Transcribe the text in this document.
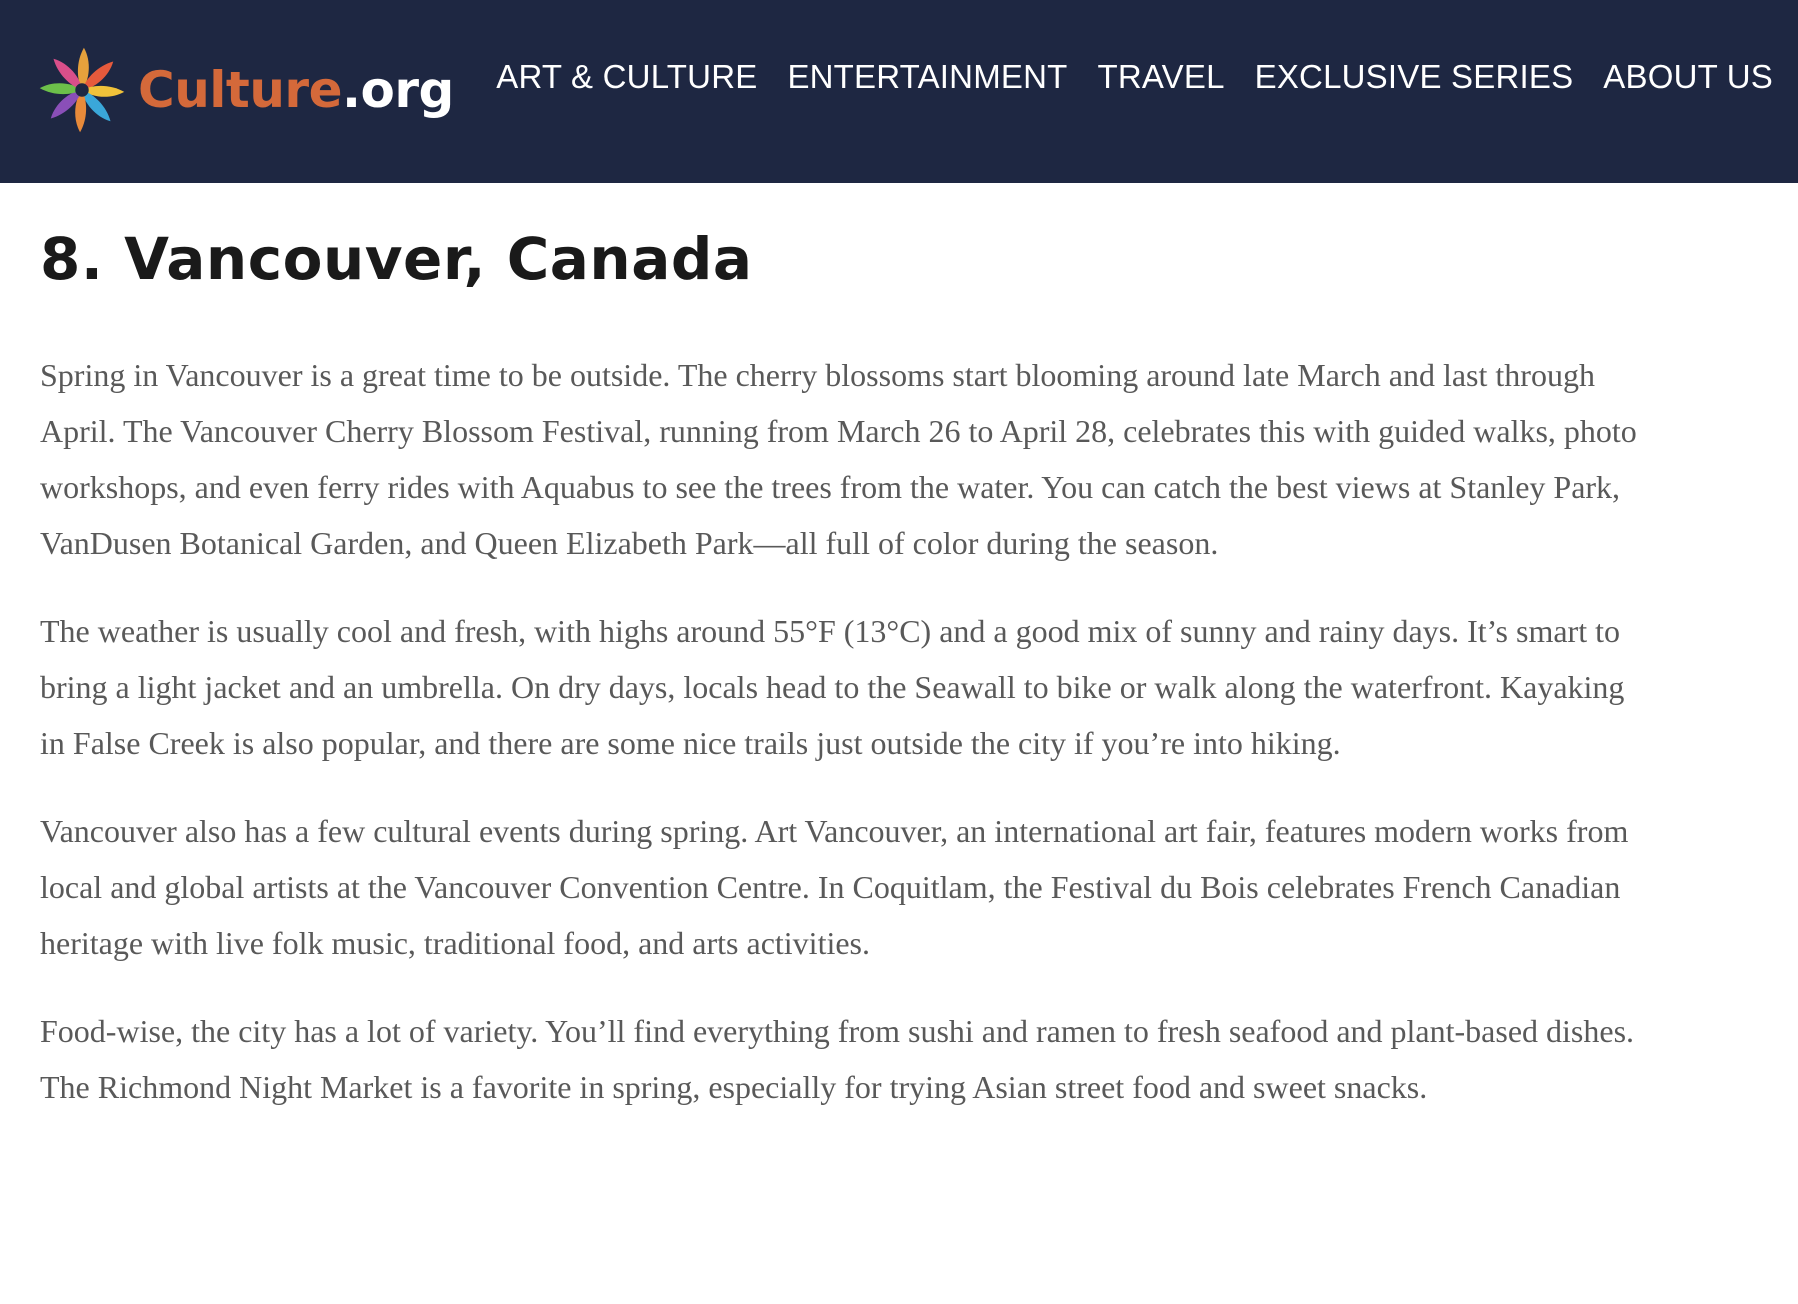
Culture.org ART & CULTURE ENTERTAINMENT TRAVEL EXCLUSIVE SERIES ABOUT US
8. Vancouver, Canada

Spring in Vancouver is a great time to be outside. The cherry blossoms start blooming around late March and last through April. The Vancouver Cherry Blossom Festival, running from March 26 to April 28, celebrates this with guided walks, photo workshops, and even ferry rides with Aquabus to see the trees from the water. You can catch the best views at Stanley Park, VanDusen Botanical Garden, and Queen Elizabeth Park—all full of color during the season.

The weather is usually cool and fresh, with highs around 55°F (13°C) and a good mix of sunny and rainy days. It’s smart to bring a light jacket and an umbrella. On dry days, locals head to the Seawall to bike or walk along the waterfront. Kayaking in False Creek is also popular, and there are some nice trails just outside the city if you’re into hiking.

Vancouver also has a few cultural events during spring. Art Vancouver, an international art fair, features modern works from local and global artists at the Vancouver Convention Centre. In Coquitlam, the Festival du Bois celebrates French Canadian heritage with live folk music, traditional food, and arts activities.

Food-wise, the city has a lot of variety. You’ll find everything from sushi and ramen to fresh seafood and plant-based dishes. The Richmond Night Market is a favorite in spring, especially for trying Asian street food and sweet snacks.
